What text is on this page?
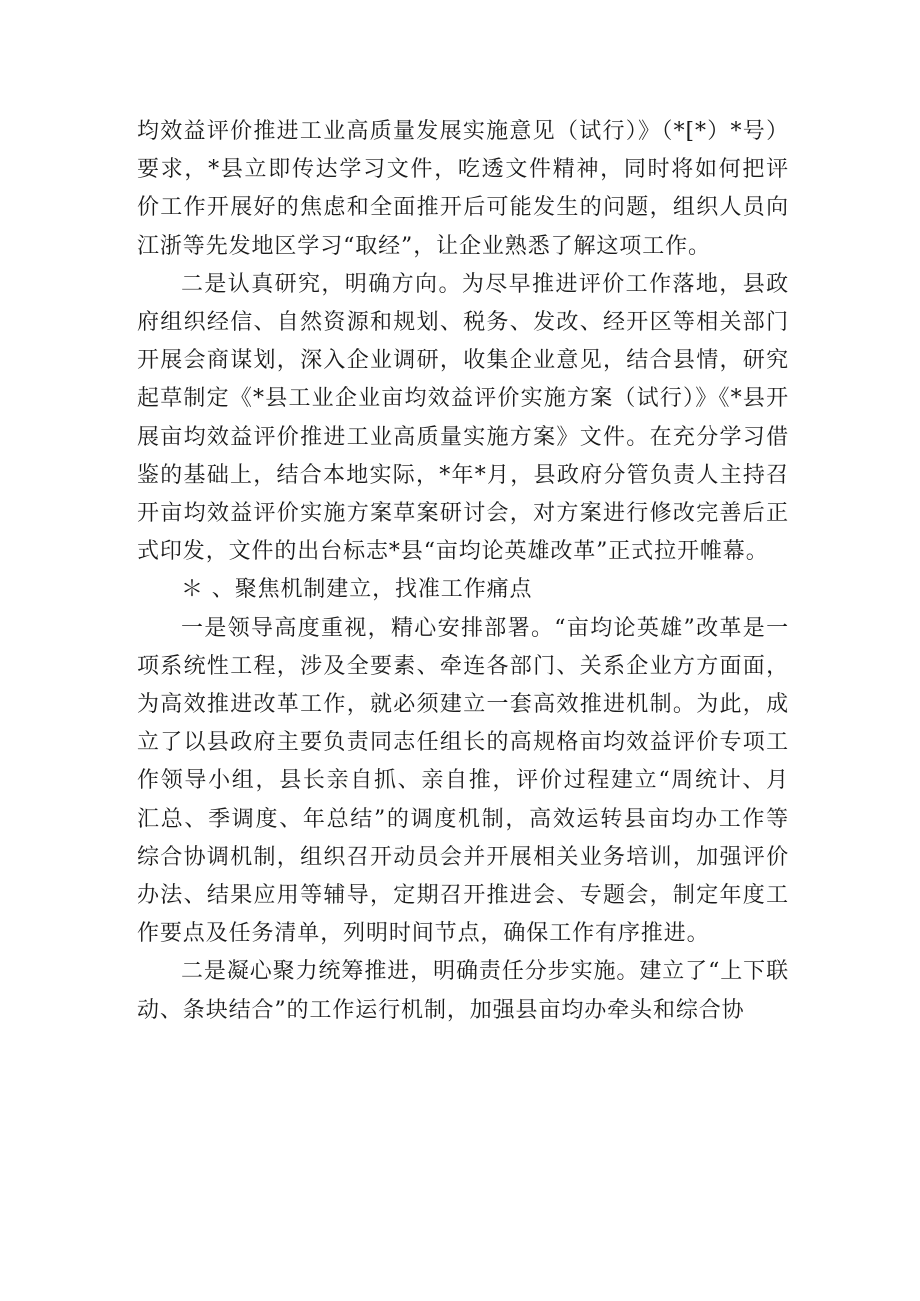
均效益评价推进工业高质量发展实施意见（试行）》（*[*）*号）要求，*县立即传达学习文件，吃透文件精神，同时将如何把评价工作开展好的焦虑和全面推开后可能发生的问题，组织人员向江浙等先发地区学习“取经”，让企业熟悉了解这项工作。

二是认真研究，明确方向。为尽早推进评价工作落地，县政府组织经信、自然资源和规划、税务、发改、经开区等相关部门开展会商谋划，深入企业调研，收集企业意见，结合县情，研究起草制定《*县工业企业亩均效益评价实施方案（试行）》《*县开展亩均效益评价推进工业高质量实施方案》文件。在充分学习借鉴的基础上，结合本地实际，*年*月，县政府分管负责人主持召开亩均效益评价实施方案草案研讨会，对方案进行修改完善后正式印发，文件的出台标志*县“亩均论英雄改革”正式拉开帷幕。

＊ 、聚焦机制建立，找准工作痛点

一是领导高度重视，精心安排部署。“亩均论英雄”改革是一项系统性工程，涉及全要素、牵连各部门、关系企业方方面面，为高效推进改革工作，就必须建立一套高效推进机制。为此，成立了以县政府主要负责同志任组长的高规格亩均效益评价专项工作领导小组，县长亲自抓、亲自推，评价过程建立“周统计、月汇总、季调度、年总结”的调度机制，高效运转县亩均办工作等综合协调机制，组织召开动员会并开展相关业务培训，加强评价办法、结果应用等辅导，定期召开推进会、专题会，制定年度工作要点及任务清单，列明时间节点，确保工作有序推进。

二是凝心聚力统筹推进，明确责任分步实施。建立了“上下联动、条块结合”的工作运行机制，加强县亩均办牵头和综合协
